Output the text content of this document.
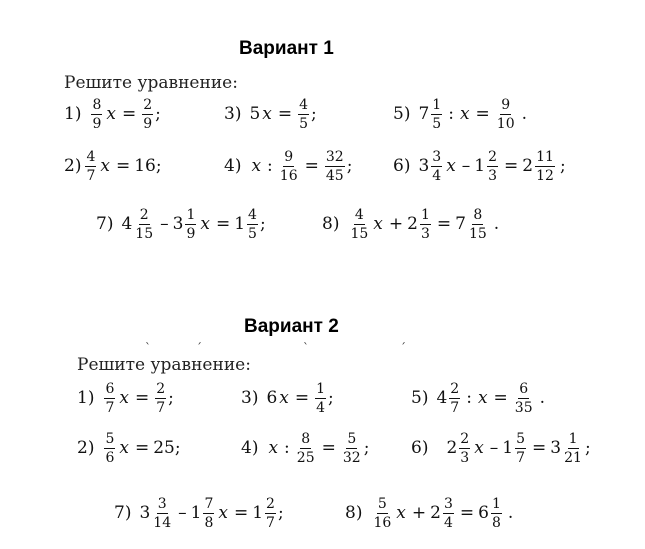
Вариант 1
Решите уравнение:
$1) \frac{8}{9}$ $x = \frac{2}{9}$ ;	3) 5 $x = \frac{4}{5}$ ;	5) $7 \frac{1}{5}$ : $x = \frac{9}{10}$ .
$2) \frac{4}{7}$ x = 16 ;	4) x : $\frac{9}{16} = \frac{32}{45}$ ; 6) $3 \frac{3}{4}$ $x - 1 \frac{2}{3} = 2 \frac{11}{12}$ ;
7) $4 \frac{2}{15} - 3 \frac{1}{9}$ $x = 1 \frac{4}{5}$ ;	$8) \frac{4}{15}$ $x + 2 \frac{1}{3} = 7 \frac{8}{15}$ .
Вариант 2
ˋ	ˊ	ˋ	ˊ
Решите уравнение:
$1) \frac{6}{7}$ $x = \frac{2}{7}$ ;	3) 6 $x = \frac{1}{4}$ ;	5) $4 \frac{2}{7}$ : $x = \frac{6}{35}$ .
$2) \frac{5}{6}$ x = 25 ;	4) x : $\frac{8}{25} = \frac{5}{32}$ ; 6) $2 \frac{2}{3}$ $x - 1 \frac{5}{7} = 3 \frac{1}{21}$ ;
7) $3 \frac{3}{14} - 1 \frac{7}{8}$ $x = 1 \frac{2}{7}$ ;	$8) \frac{5}{16}$ $x + 2 \frac{3}{4} = 6 \frac{1}{8}$ .
